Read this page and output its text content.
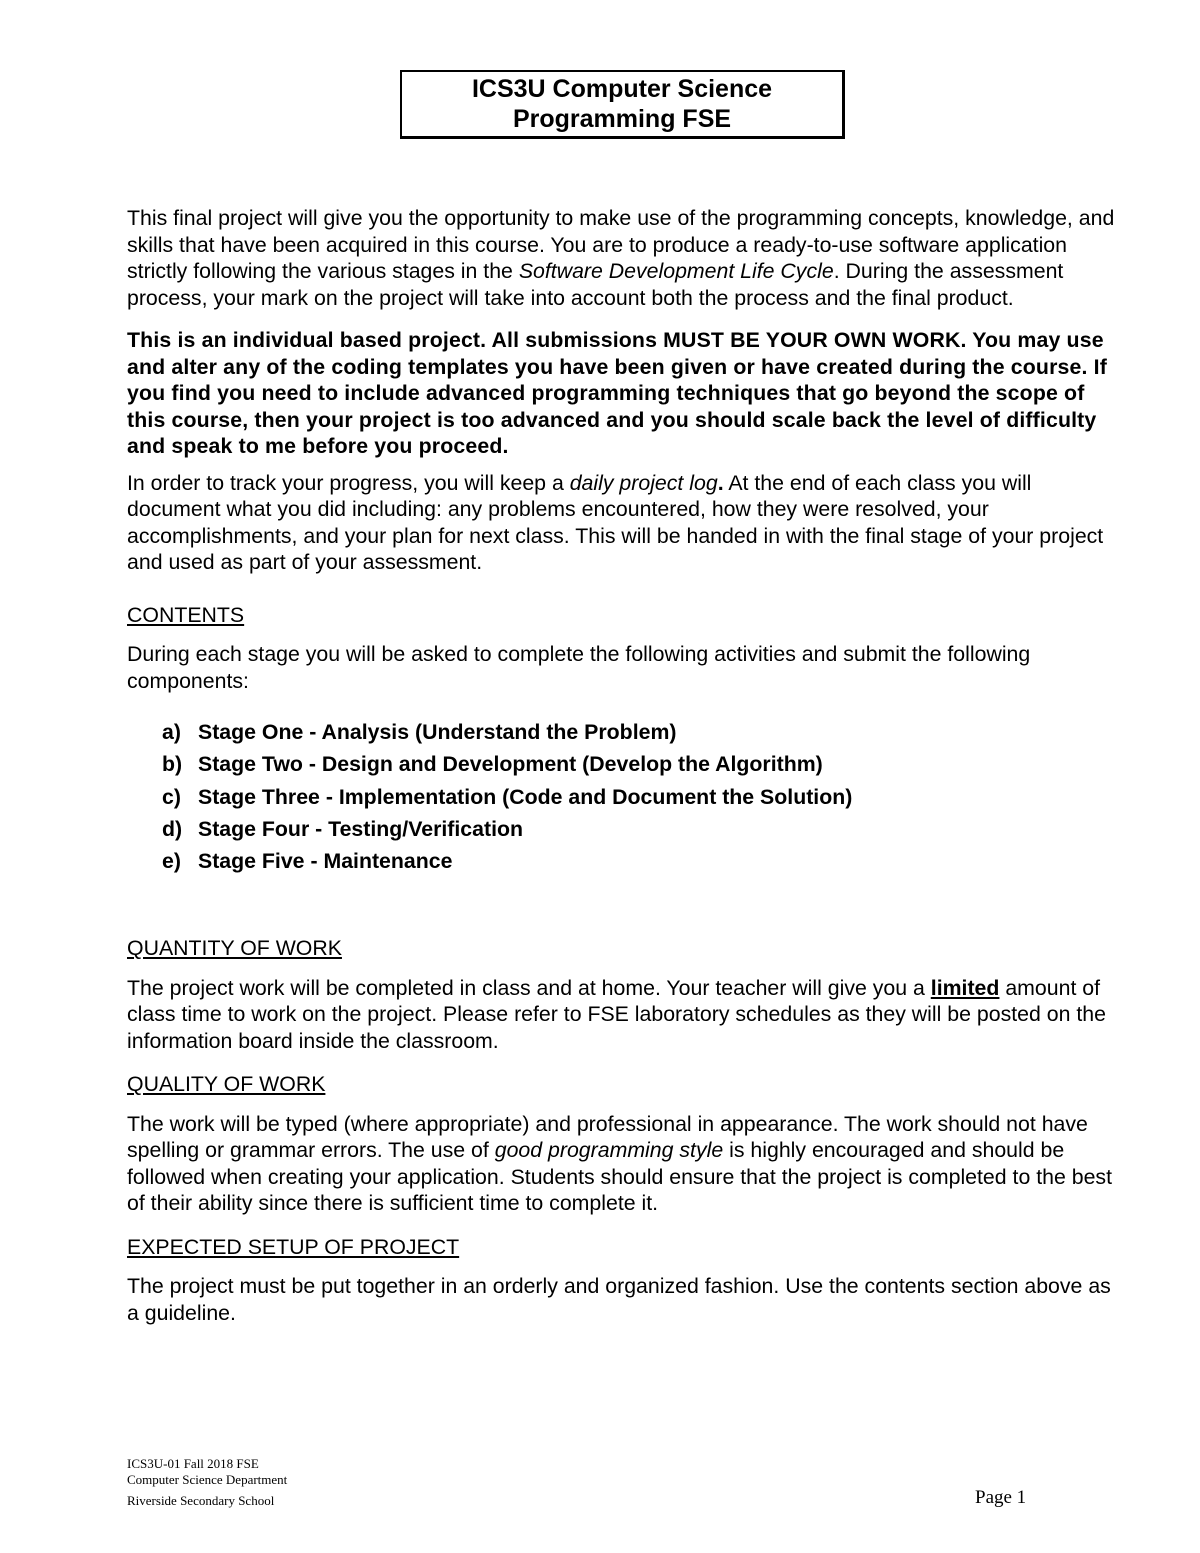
ICS3U Computer Science
Programming FSE

This final project will give you the opportunity to make use of the programming concepts, knowledge, and skills that have been acquired in this course. You are to produce a ready-to-use software application strictly following the various stages in the Software Development Life Cycle. During the assessment process, your mark on the project will take into account both the process and the final product.

This is an individual based project. All submissions MUST BE YOUR OWN WORK. You may use and alter any of the coding templates you have been given or have created during the course. If you find you need to include advanced programming techniques that go beyond the scope of this course, then your project is too advanced and you should scale back the level of difficulty and speak to me before you proceed.

In order to track your progress, you will keep a daily project log. At the end of each class you will document what you did including: any problems encountered, how they were resolved, your accomplishments, and your plan for next class. This will be handed in with the final stage of your project and used as part of your assessment.

CONTENTS

During each stage you will be asked to complete the following activities and submit the following components:

a) Stage One - Analysis (Understand the Problem)
b) Stage Two - Design and Development (Develop the Algorithm)
c) Stage Three - Implementation (Code and Document the Solution)
d) Stage Four - Testing/Verification
e) Stage Five - Maintenance

QUANTITY OF WORK

The project work will be completed in class and at home. Your teacher will give you a limited amount of class time to work on the project. Please refer to FSE laboratory schedules as they will be posted on the information board inside the classroom.

QUALITY OF WORK

The work will be typed (where appropriate) and professional in appearance. The work should not have spelling or grammar errors. The use of good programming style is highly encouraged and should be followed when creating your application. Students should ensure that the project is completed to the best of their ability since there is sufficient time to complete it.

EXPECTED SETUP OF PROJECT

The project must be put together in an orderly and organized fashion. Use the contents section above as a guideline.

ICS3U-01 Fall 2018 FSE
Computer Science Department
Riverside Secondary School	Page 1
